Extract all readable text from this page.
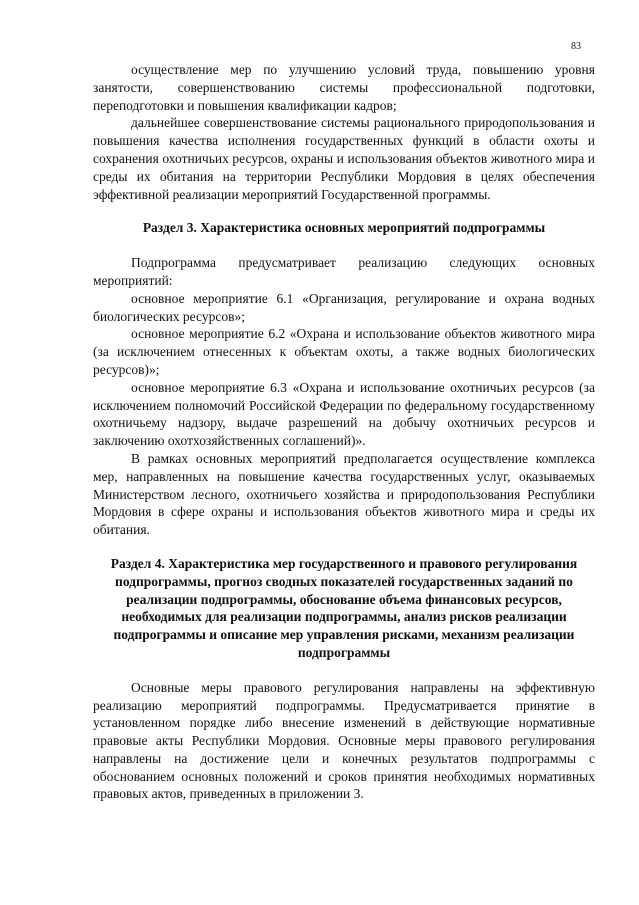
83

осуществление мер по улучшению условий труда, повышению уровня занятости, совершенствованию системы профессиональной подготовки, переподготовки и повышения квалификации кадров;

дальнейшее совершенствование системы рационального природопользования и повышения качества исполнения государственных функций в области охоты и сохранения охотничьих ресурсов, охраны и использования объектов животного мира и среды их обитания на территории Республики Мордовия в целях обеспечения эффективной реализации мероприятий Государственной программы.

Раздел 3. Характеристика основных мероприятий подпрограммы

Подпрограмма предусматривает реализацию следующих основных мероприятий:

основное мероприятие 6.1 «Организация, регулирование и охрана водных биологических ресурсов»;

основное мероприятие 6.2 «Охрана и использование объектов животного мира (за исключением отнесенных к объектам охоты, а также водных биологических ресурсов)»;

основное мероприятие 6.3 «Охрана и использование охотничьих ресурсов (за исключением полномочий Российской Федерации по федеральному государственному охотничьему надзору, выдаче разрешений на добычу охотничьих ресурсов и заключению охотхозяйственных соглашений)».

В рамках основных мероприятий предполагается осуществление комплекса мер, направленных на повышение качества государственных услуг, оказываемых Министерством лесного, охотничьего хозяйства и природопользования Республики Мордовия в сфере охраны и использования объектов животного мира и среды их обитания.

Раздел 4. Характеристика мер государственного и правового регулирования подпрограммы, прогноз сводных показателей государственных заданий по реализации подпрограммы, обоснование объема финансовых ресурсов, необходимых для реализации подпрограммы, анализ рисков реализации подпрограммы и описание мер управления рисками, механизм реализации подпрограммы

Основные меры правового регулирования направлены на эффективную реализацию мероприятий подпрограммы. Предусматривается принятие в установленном порядке либо внесение изменений в действующие нормативные правовые акты Республики Мордовия. Основные меры правового регулирования направлены на достижение цели и конечных результатов подпрограммы с обоснованием основных положений и сроков принятия необходимых нормативных правовых актов, приведенных в приложении 3.
